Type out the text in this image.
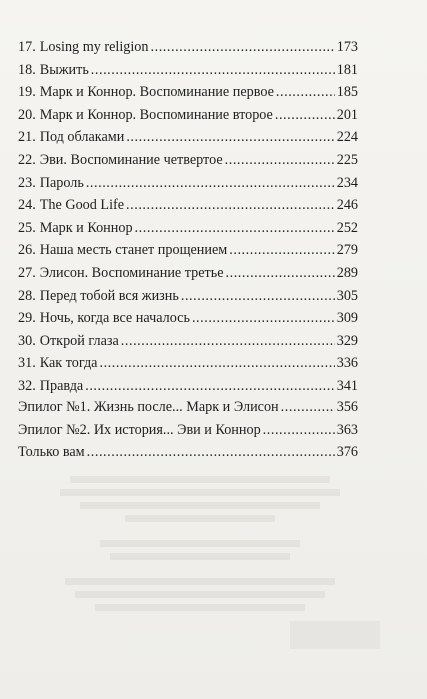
17. Losing my religion . . .	173
18. Выжить . . .	181
19. Марк и Коннор. Воспоминание первое . . .	185
20. Марк и Коннор. Воспоминание второе . . .	201
21. Под облаками . . .	224
22. Эви. Воспоминание четвертое . . .	225
23. Пароль . . .	234
24. The Good Life . . .	246
25. Марк и Коннор . . .	252
26. Наша месть станет прощением . . .	279
27. Элисон. Воспоминание третье . . .	289
28. Перед тобой вся жизнь . . .	305
29. Ночь, когда все началось . . .	309
30. Открой глаза . . .	329
31. Как тогда . . .	336
32. Правда . . .	341
Эпилог №1. Жизнь после... Марк и Элисон . . .	356
Эпилог №2. Их история... Эви и Коннор . . .	363
Только вам . . .	376
